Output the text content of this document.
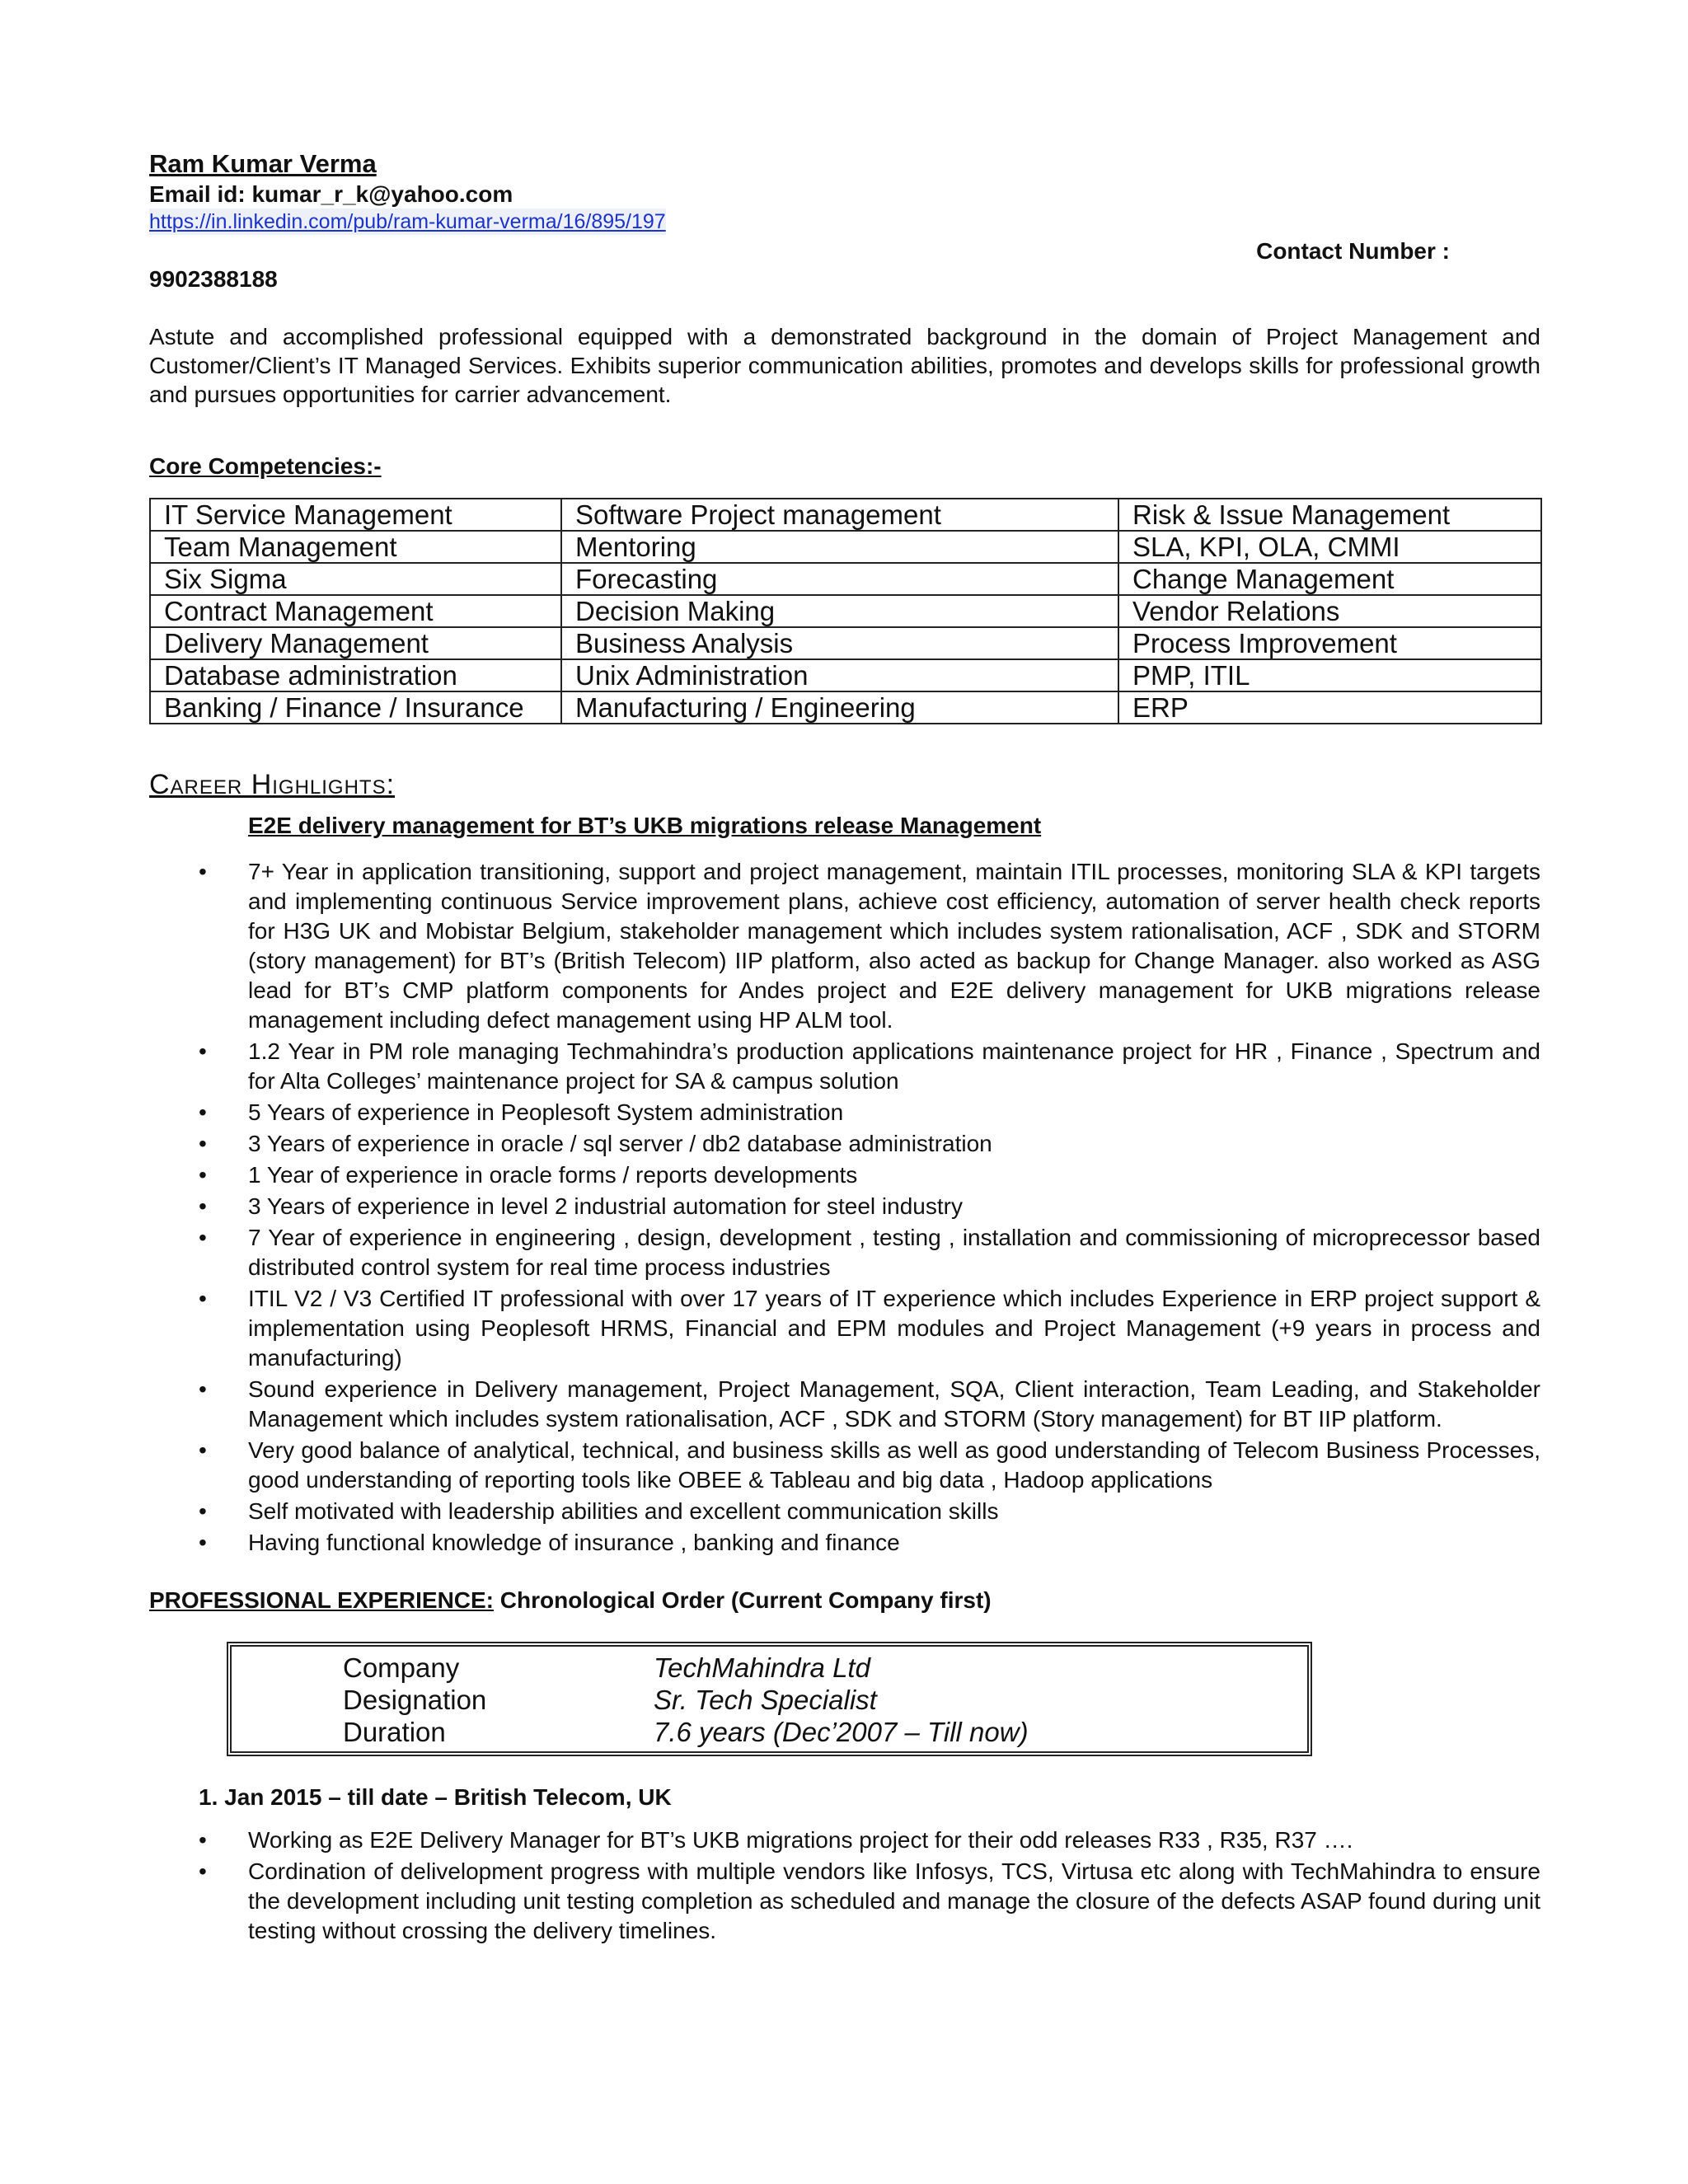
Ram Kumar Verma
Email id: kumar_r_k@yahoo.com
https://in.linkedin.com/pub/ram-kumar-verma/16/895/197
Contact Number :
9902388188
Astute and accomplished professional equipped with a demonstrated background in the domain of Project Management and Customer/Client’s IT Managed Services. Exhibits superior communication abilities, promotes and develops skills for professional growth and pursues opportunities for carrier advancement.
Core Competencies:-
IT Service Management	Software Project management	Risk & Issue Management
Team Management	Mentoring	SLA, KPI, OLA, CMMI
Six Sigma	Forecasting	Change Management
Contract Management	Decision Making	Vendor Relations
Delivery Management	Business Analysis	Process Improvement
Database administration	Unix Administration	PMP, ITIL
Banking / Finance / Insurance	Manufacturing / Engineering	ERP
Career Highlights:
E2E delivery management for BT’s UKB migrations release Management
• 7+ Year in application transitioning, support and project management, maintain ITIL processes, monitoring SLA & KPI targets and implementing continuous Service improvement plans, achieve cost efficiency, automation of server health check reports for H3G UK and Mobistar Belgium, stakeholder management which includes system rationalisation, ACF , SDK and STORM (story management) for BT’s (British Telecom) IIP platform, also acted as backup for Change Manager. also worked as ASG lead for BT’s CMP platform components for Andes project and E2E delivery management for UKB migrations release management including defect management using HP ALM tool.
• 1.2 Year in PM role managing Techmahindra’s production applications maintenance project for HR , Finance , Spectrum and for Alta Colleges’ maintenance project for SA & campus solution
• 5 Years of experience in Peoplesoft System administration
• 3 Years of experience in oracle / sql server / db2 database administration
• 1 Year of experience in oracle forms / reports developments
• 3 Years of experience in level 2 industrial automation for steel industry
• 7 Year of experience in engineering , design, development , testing , installation and commissioning of microprecessor based distributed control system for real time process industries
• ITIL V2 / V3 Certified IT professional with over 17 years of IT experience which includes Experience in ERP project support & implementation using Peoplesoft HRMS, Financial and EPM modules and Project Management (+9 years in process and manufacturing)
• Sound experience in Delivery management, Project Management, SQA, Client interaction, Team Leading, and Stakeholder Management which includes system rationalisation, ACF , SDK and STORM (Story management) for BT IIP platform.
• Very good balance of analytical, technical, and business skills as well as good understanding of Telecom Business Processes, good understanding of reporting tools like OBEE & Tableau and big data , Hadoop applications
• Self motivated with leadership abilities and excellent communication skills
• Having functional knowledge of insurance , banking and finance
PROFESSIONAL EXPERIENCE: Chronological Order (Current Company first)
Company	TechMahindra Ltd
Designation	Sr. Tech Specialist
Duration	7.6 years (Dec’2007 – Till now)
1. Jan 2015 – till date – British Telecom, UK
• Working as E2E Delivery Manager for BT’s UKB migrations project for their odd releases R33 , R35, R37 ….
• Cordination of delivelopment progress with multiple vendors like Infosys, TCS, Virtusa etc along with TechMahindra to ensure the development including unit testing completion as scheduled and manage the closure of the defects ASAP found during unit testing without crossing the delivery timelines.
